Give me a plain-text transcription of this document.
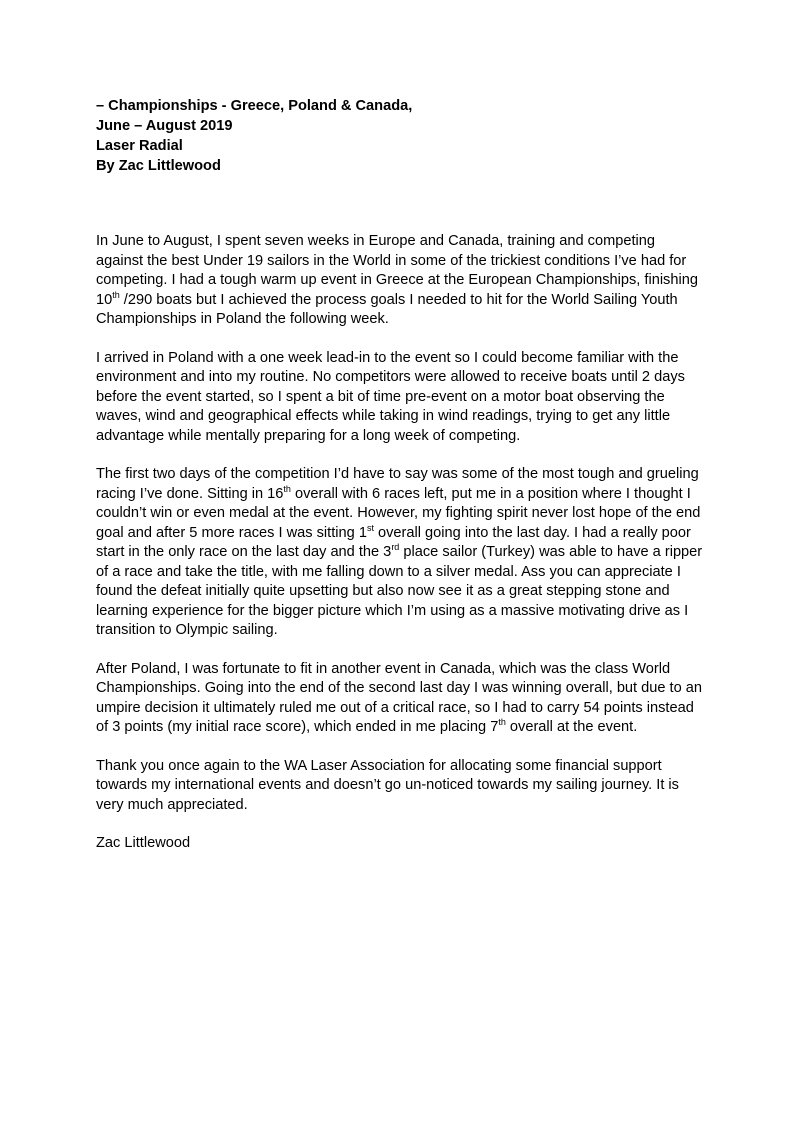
– Championships - Greece, Poland & Canada,
June – August 2019
Laser Radial
By Zac Littlewood

In June to August, I spent seven weeks in Europe and Canada, training and competing against the best Under 19 sailors in the World in some of the trickiest conditions I’ve had for competing. I had a tough warm up event in Greece at the European Championships, finishing 10th /290 boats but I achieved the process goals I needed to hit for the World Sailing Youth Championships in Poland the following week.

I arrived in Poland with a one week lead-in to the event so I could become familiar with the environment and into my routine. No competitors were allowed to receive boats until 2 days before the event started, so I spent a bit of time pre-event on a motor boat observing the waves, wind and geographical effects while taking in wind readings, trying to get any little advantage while mentally preparing for a long week of competing.

The first two days of the competition I’d have to say was some of the most tough and grueling racing I’ve done. Sitting in 16th overall with 6 races left, put me in a position where I thought I couldn’t win or even medal at the event. However, my fighting spirit never lost hope of the end goal and after 5 more races I was sitting 1st overall going into the last day. I had a really poor start in the only race on the last day and the 3rd place sailor (Turkey) was able to have a ripper of a race and take the title, with me falling down to a silver medal. Ass you can appreciate I found the defeat initially quite upsetting but also now see it as a great stepping stone and learning experience for the bigger picture which I’m using as a massive motivating drive as I transition to Olympic sailing.

After Poland, I was fortunate to fit in another event in Canada, which was the class World Championships. Going into the end of the second last day I was winning overall, but due to an umpire decision it ultimately ruled me out of a critical race, so I had to carry 54 points instead of 3 points (my initial race score), which ended in me placing 7th overall at the event.

Thank you once again to the WA Laser Association for allocating some financial support towards my international events and doesn’t go un-noticed towards my sailing journey. It is very much appreciated.

Zac Littlewood
